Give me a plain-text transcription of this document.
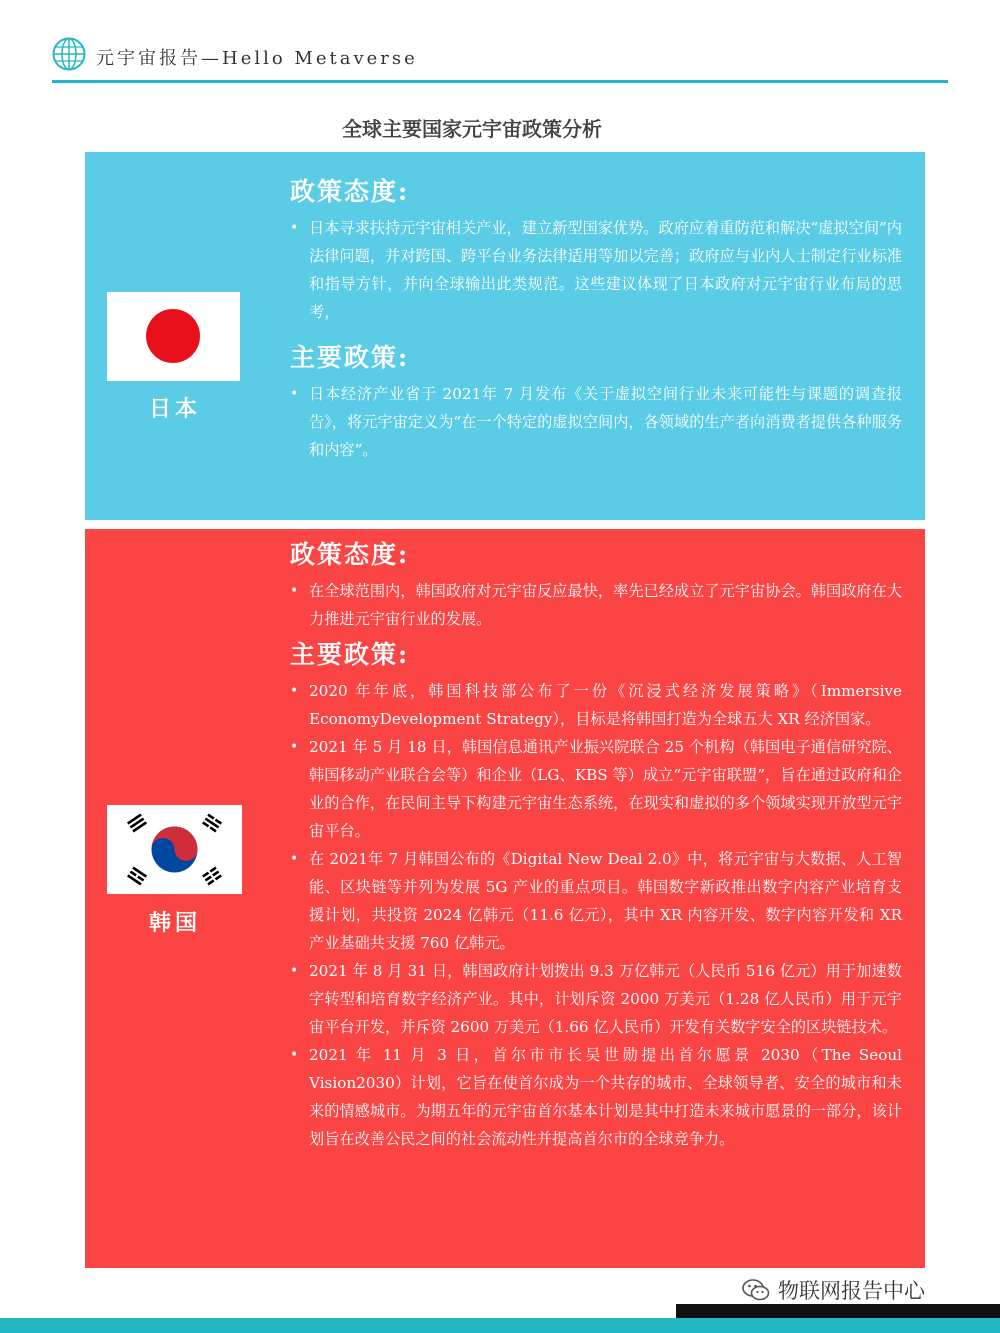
元宇宙报告—Hello Metaverse
全球主要国家元宇宙政策分析
日本
政策态度:
• 日本寻求扶持元宇宙相关产业，建立新型国家优势。政府应着重防范和解决“虚拟空间”内法律问题，并对跨国、跨平台业务法律适用等加以完善；政府应与业内人士制定行业标准和指导方针，并向全球输出此类规范。这些建议体现了日本政府对元宇宙行业布局的思考，
主要政策:
• 日本经济产业省于 2021年 7 月发布《关于虚拟空间行业未来可能性与课题的调查报告》，将元宇宙定义为“在一个特定的虚拟空间内，各领域的生产者向消费者提供各种服务和内容”。
韩国
政策态度:
• 在全球范围内，韩国政府对元宇宙反应最快，率先已经成立了元宇宙协会。韩国政府在大力推进元宇宙行业的发展。
主要政策:
• 2020 年年底，韩国科技部公布了一份《沉浸式经济发展策略》（Immersive EconomyDevelopment Strategy），目标是将韩国打造为全球五大 XR 经济国家。
• 2021 年 5 月 18 日，韩国信息通讯产业振兴院联合 25 个机构（韩国电子通信研究院、韩国移动产业联合会等）和企业（LG、KBS 等）成立“元宇宙联盟”，旨在通过政府和企业的合作，在民间主导下构建元宇宙生态系统，在现实和虚拟的多个领域实现开放型元宇宙平台。
• 在 2021年 7 月韩国公布的《Digital New Deal 2.0》中，将元宇宙与大数据、人工智能、区块链等并列为发展 5G 产业的重点项目。韩国数字新政推出数字内容产业培育支援计划，共投资 2024 亿韩元（11.6 亿元），其中 XR 内容开发、数字内容开发和 XR 产业基础共支援 760 亿韩元。
• 2021 年 8 月 31 日，韩国政府计划拨出 9.3 万亿韩元（人民币 516 亿元）用于加速数字转型和培育数字经济产业。其中，计划斥资 2000 万美元（1.28 亿人民币）用于元宇宙平台开发，并斥资 2600 万美元（1.66 亿人民币）开发有关数字安全的区块链技术。
• 2021 年 11 月 3 日，首尔市市长吴世勋提出首尔愿景 2030（The Seoul Vision2030）计划，它旨在使首尔成为一个共存的城市、全球领导者、安全的城市和未来的情感城市。为期五年的元宇宙首尔基本计划是其中打造未来城市愿景的一部分，该计划旨在改善公民之间的社会流动性并提高首尔市的全球竞争力。
物联网报告中心
